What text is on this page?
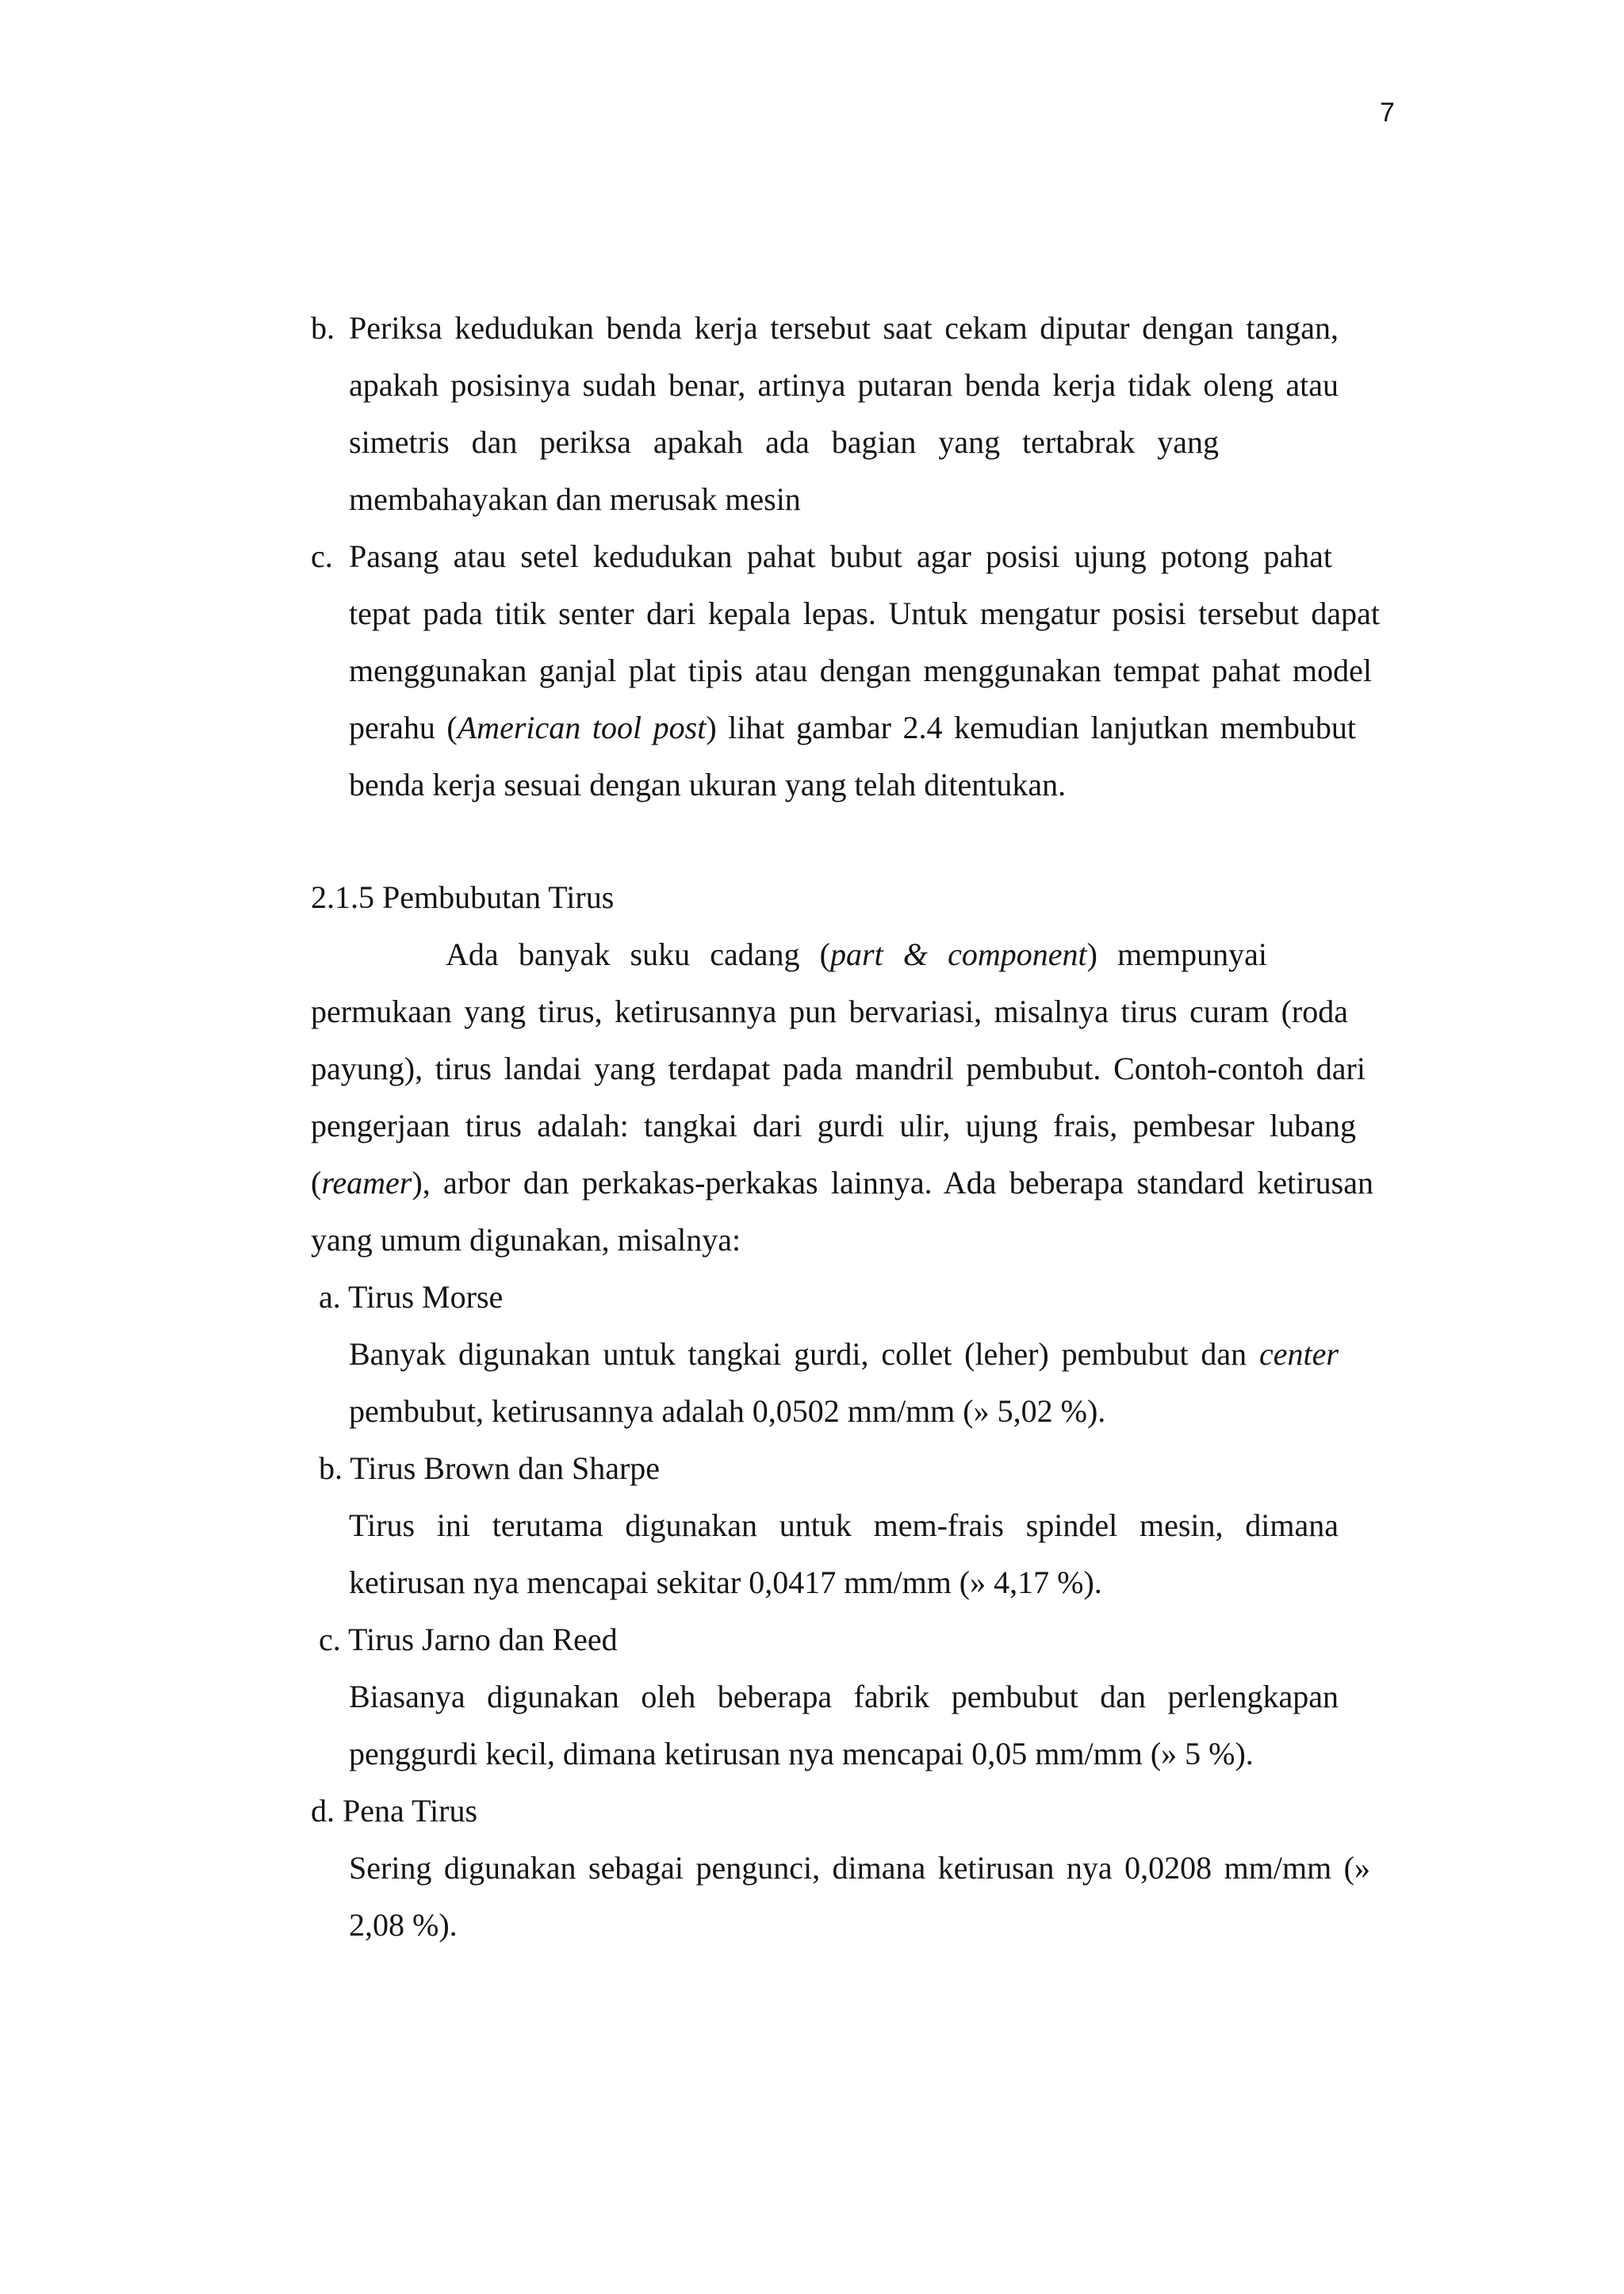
7
b. Periksa kedudukan benda kerja tersebut saat cekam diputar dengan tangan,
apakah posisinya sudah benar, artinya putaran benda kerja tidak oleng atau
simetris dan periksa apakah ada bagian yang tertabrak yang
membahayakan dan merusak mesin
c. Pasang atau setel kedudukan pahat bubut agar posisi ujung potong pahat
tepat pada titik senter dari kepala lepas. Untuk mengatur posisi tersebut dapat
menggunakan ganjal plat tipis atau dengan menggunakan tempat pahat model
perahu (American tool post) lihat gambar 2.4 kemudian lanjutkan membubut
benda kerja sesuai dengan ukuran yang telah ditentukan.
2.1.5 Pembubutan Tirus
Ada banyak suku cadang (part & component) mempunyai
permukaan yang tirus, ketirusannya pun bervariasi, misalnya tirus curam (roda
payung), tirus landai yang terdapat pada mandril pembubut. Contoh-contoh dari
pengerjaan tirus adalah: tangkai dari gurdi ulir, ujung frais, pembesar lubang
(reamer), arbor dan perkakas-perkakas lainnya. Ada beberapa standard ketirusan
yang umum digunakan, misalnya:
a. Tirus Morse
Banyak digunakan untuk tangkai gurdi, collet (leher) pembubut dan center
pembubut, ketirusannya adalah 0,0502 mm/mm (» 5,02 %).
b. Tirus Brown dan Sharpe
Tirus ini terutama digunakan untuk mem-frais spindel mesin, dimana
ketirusan nya mencapai sekitar 0,0417 mm/mm (» 4,17 %).
c. Tirus Jarno dan Reed
Biasanya digunakan oleh beberapa fabrik pembubut dan perlengkapan
penggurdi kecil, dimana ketirusan nya mencapai 0,05 mm/mm (» 5 %).
d. Pena Tirus
Sering digunakan sebagai pengunci, dimana ketirusan nya 0,0208 mm/mm (»
2,08 %).
